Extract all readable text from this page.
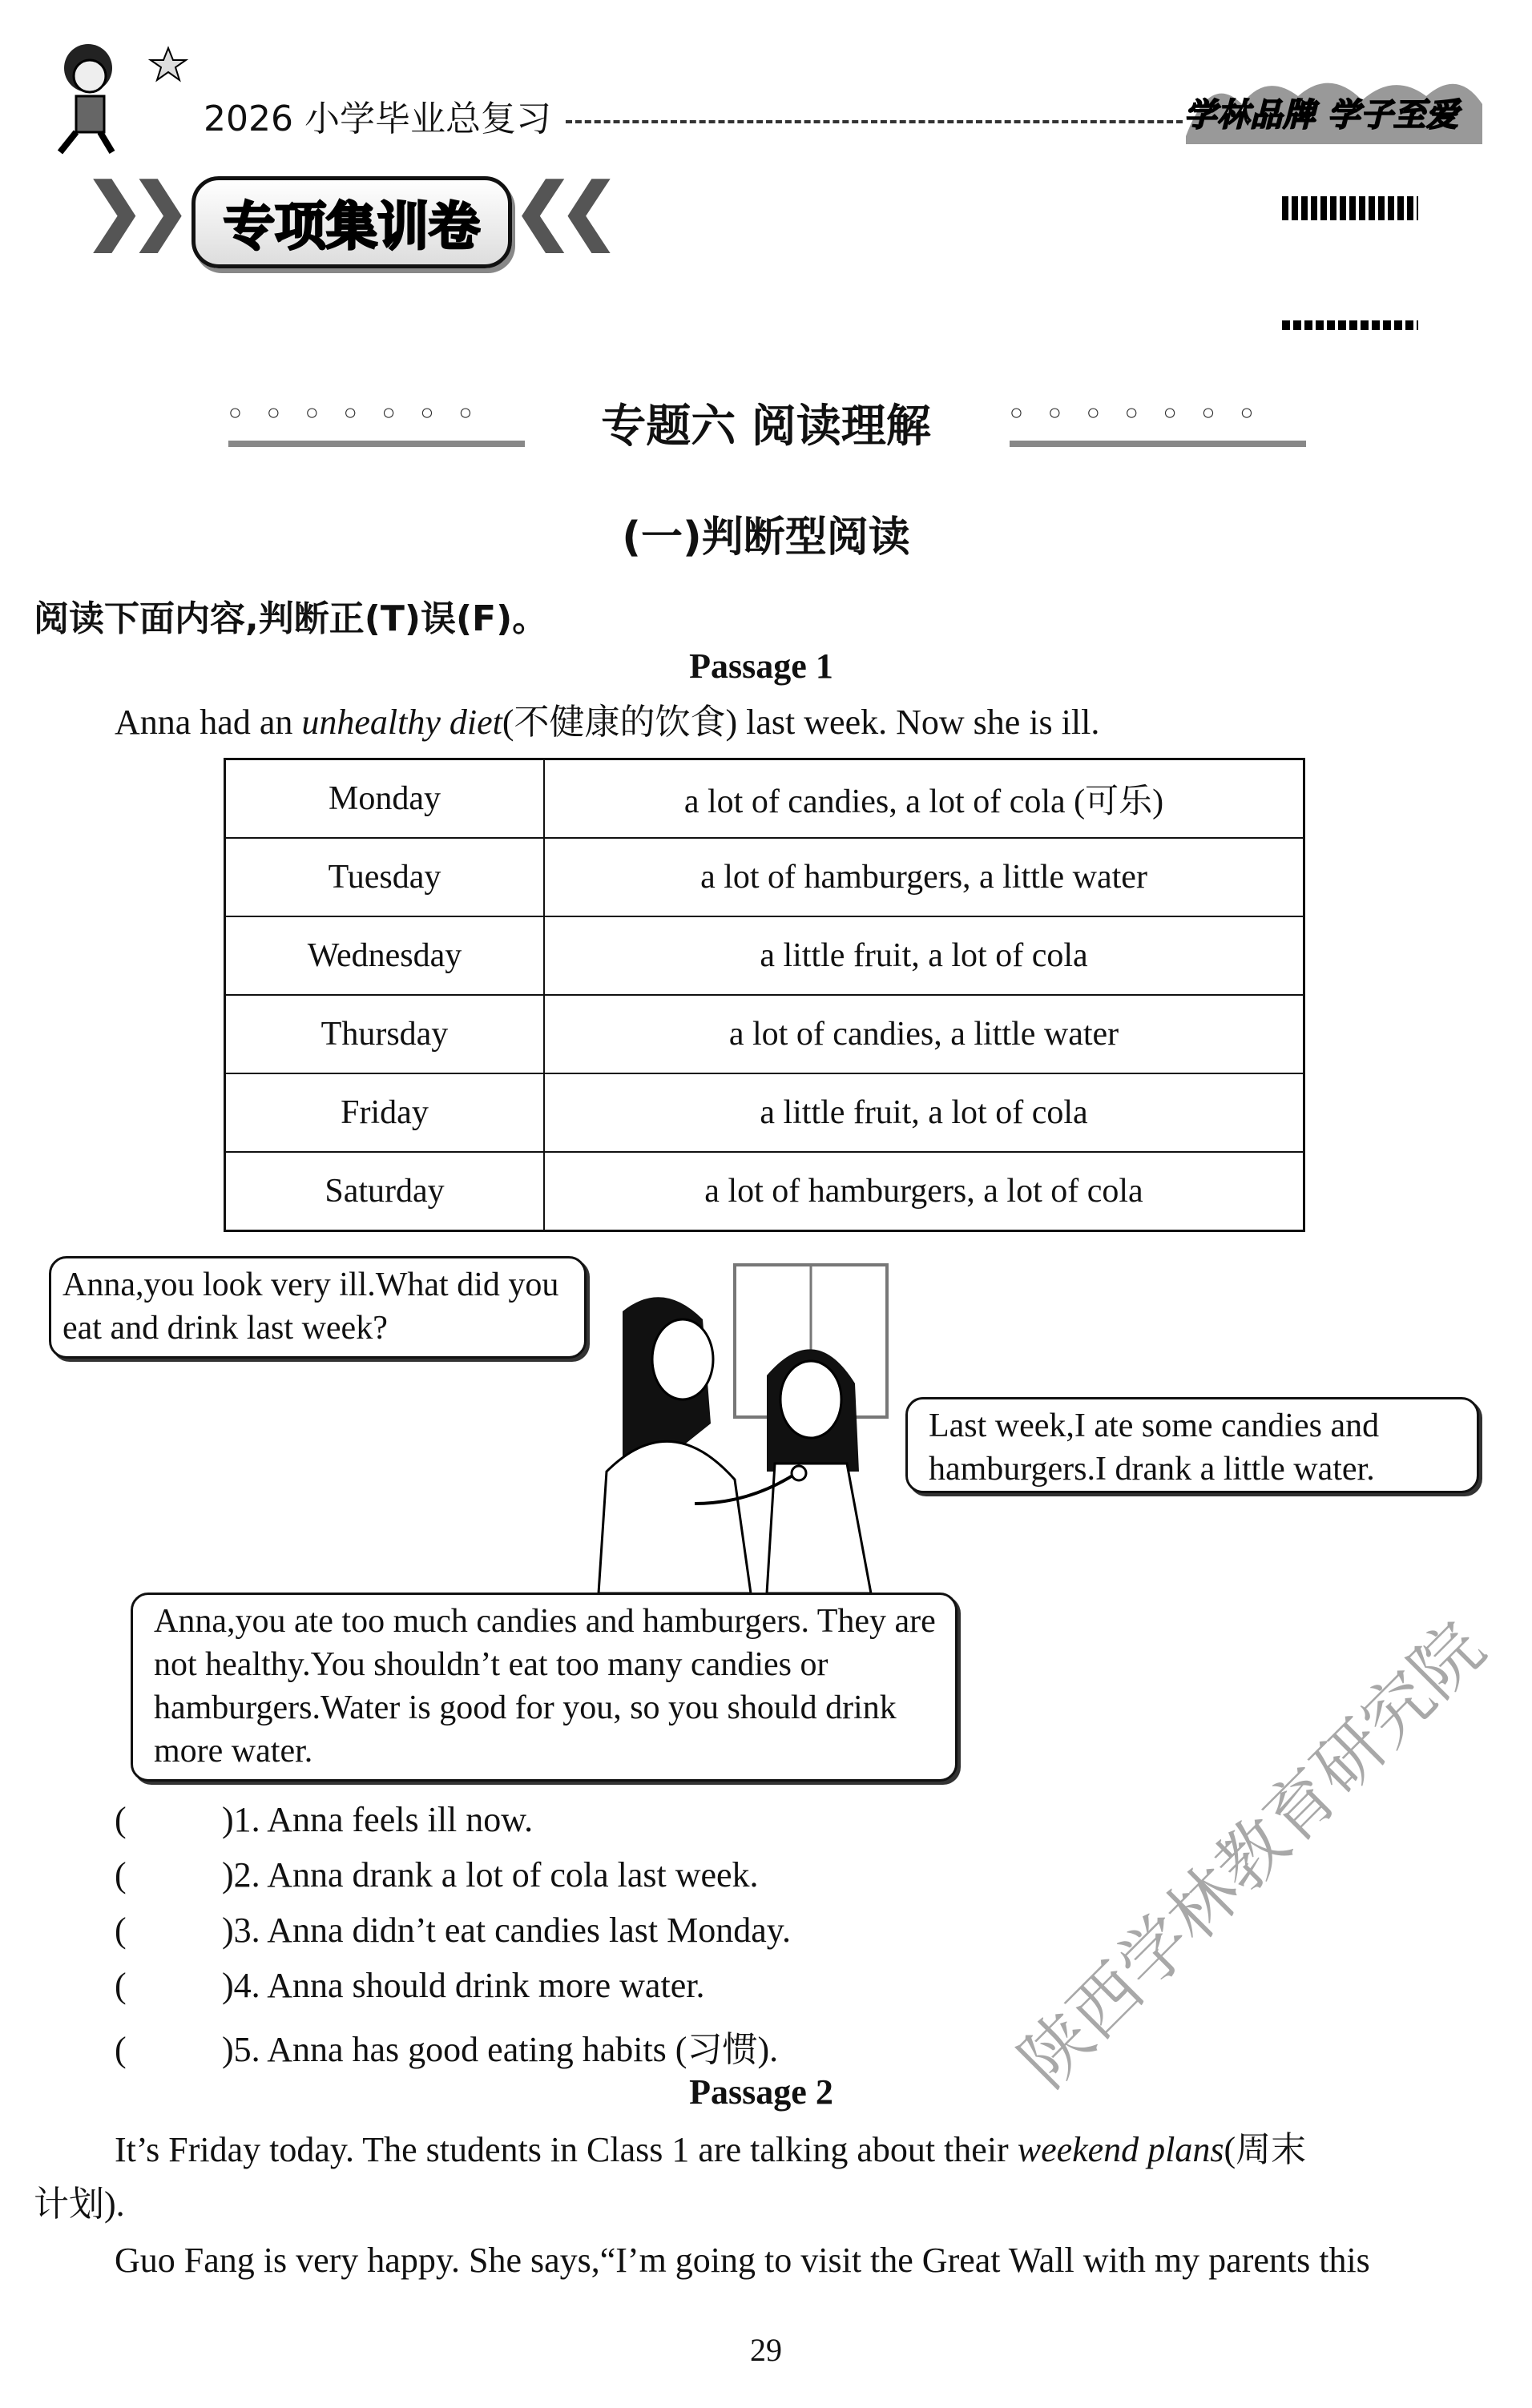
陕西学林教育研究院
2026 小学毕业总复习	学林品牌 学子至爱
❯❯ 专项集训卷 ❮❮
○ ○ ○ ○ ○ ○ ○	专题六 阅读理解	○ ○ ○ ○ ○ ○ ○
(一)判断型阅读
阅读下面内容,判断正(T)误(F)。
Passage 1
Anna had an unhealthy diet(不健康的饮食) last week. Now she is ill.
Monday	a lot of candies, a lot of cola (可乐)
Tuesday	a lot of hamburgers, a little water
Wednesday	a little fruit, a lot of cola
Thursday	a lot of candies, a little water
Friday	a little fruit, a lot of cola
Saturday	a lot of hamburgers, a lot of cola
Anna,you look very ill.What did you eat and drink last week?
Last week,I ate some candies and hamburgers.I drank a little water.
Anna,you ate too much candies and hamburgers. They are not healthy.You shouldn’t eat too many candies or hamburgers.Water is good for you, so you should drink more water.
(	)1. Anna feels ill now.
(	)2. Anna drank a lot of cola last week.
(	)3. Anna didn’t eat candies last Monday.
(	)4. Anna should drink more water.
(	)5. Anna has good eating habits (习惯).
Passage 2
It’s Friday today. The students in Class 1 are talking about their weekend plans(周末
计划).
Guo Fang is very happy. She says,“I’m going to visit the Great Wall with my parents this
29
